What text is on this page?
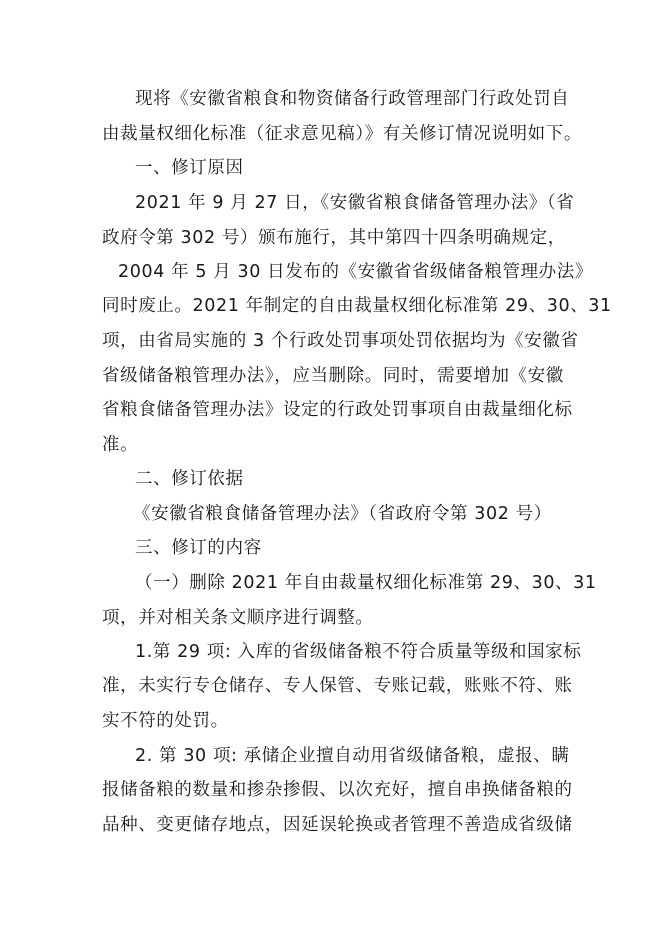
现将《安徽省粮食和物资储备行政管理部门行政处罚自
由裁量权细化标准（征求意见稿）》有关修订情况说明如下。
一、修订原因
2021 年 9 月 27 日，《安徽省粮食储备管理办法》（省
政府令第 302 号）颁布施行，其中第四十四条明确规定，
2004 年 5 月 30 日发布的《安徽省省级储备粮管理办法》
同时废止。2021 年制定的自由裁量权细化标准第 29、30、31
项，由省局实施的 3 个行政处罚事项处罚依据均为《安徽省
省级储备粮管理办法》，应当删除。同时，需要增加《安徽
省粮食储备管理办法》设定的行政处罚事项自由裁量细化标
准。
二、修订依据
《安徽省粮食储备管理办法》（省政府令第 302 号）
三、修订的内容
（一）删除 2021 年自由裁量权细化标准第 29、30、31
项，并对相关条文顺序进行调整。
1.第 29 项: 入库的省级储备粮不符合质量等级和国家标
准，未实行专仓储存、专人保管、专账记载，账账不符、账
实不符的处罚。
2. 第 30 项: 承储企业擅自动用省级储备粮，虚报、瞒
报储备粮的数量和掺杂掺假、以次充好，擅自串换储备粮的
品种、变更储存地点，因延误轮换或者管理不善造成省级储
